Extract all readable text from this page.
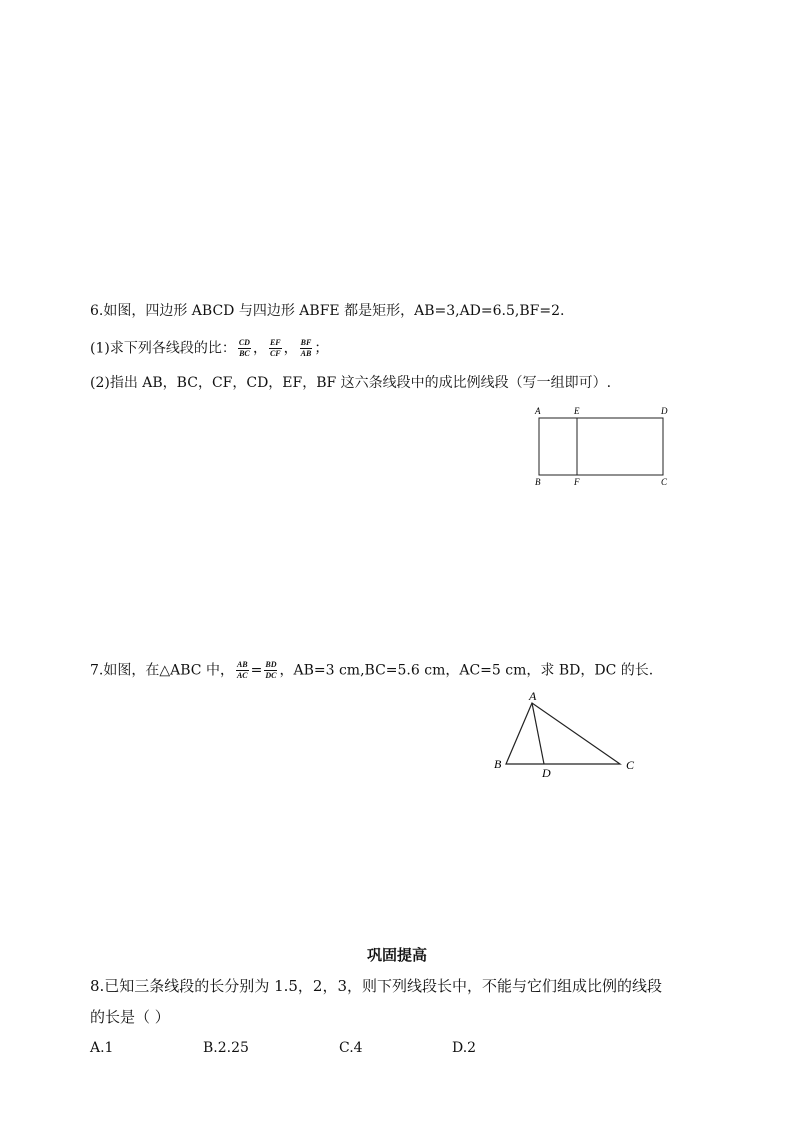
6.如图，四边形 ABCD 与四边形 ABFE 都是矩形，AB=3,AD=6.5,BF=2.
(1)求下列各线段的比： $\frac{CD}{BC}$ ， $\frac{EF}{CF}$ ， $\frac{BF}{AB}$ ；
(2)指出 AB，BC，CF，CD，EF，BF 这六条线段中的成比例线段（写一组即可）.
A	E	D
B	F	C
7.如图，在△ABC 中， $\frac{AB}{AC} = \frac{BD}{DC}$ ，AB=3 cm,BC=5.6 cm，AC=5 cm，求 BD，DC 的长.
A
B
D
C
巩固提高
8.已知三条线段的长分别为 1.5，2，3，则下列线段长中，不能与它们组成比例的线段
的长是（ ）
A.1	B.2.25	C.4	D.2
